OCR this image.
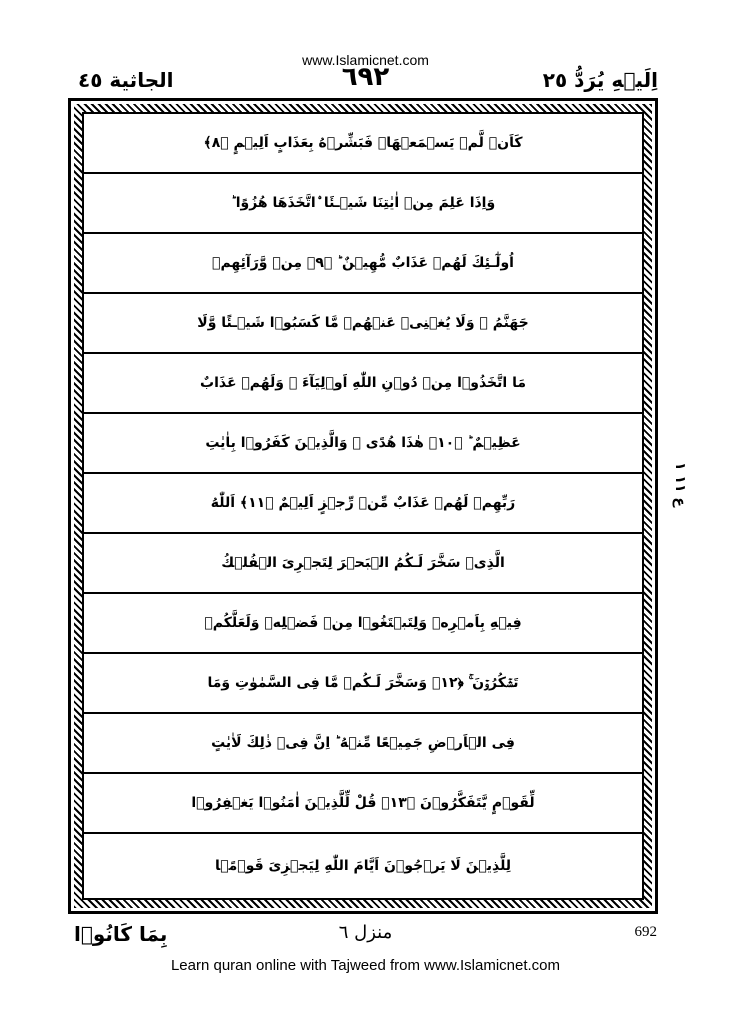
www.Islamicnet.com
الجاثية ٤٥	٦٩٢	اِلَيۡهِ يُرَدُّ ٢٥
كَاَنۡ لَّمۡ يَسۡمَعۡهَاۚ فَبَشِّرۡهُ بِعَذَابٍ اَلِيۡمٍ ﴿٨﴾
وَاِذَا عَلِمَ مِنۡ اٰيٰتِنَا شَيۡـئَا ۨاتَّخَذَهَا هُزُوًا ؕ
اُولٰٓـئِكَ لَهُمۡ عَذَابٌ مُّهِيۡنٌ ؕ ﴿٩﴾ مِنۡ وَّرَآئِهِمۡ
جَهَنَّمُ ۚ وَلَا يُغۡنِىۡ عَنۡهُمۡ مَّا كَسَبُوۡا شَيۡـئًا وَّلَا
مَا اتَّخَذُوۡا مِنۡ دُوۡنِ اللّٰهِ اَوۡلِيَآءَ ۚ وَلَهُمۡ عَذَابٌ
عَظِيۡمٌ ؕ ﴿١٠﴾ هٰذَا هُدًى ۚ وَالَّذِيۡنَ كَفَرُوۡا بِاٰيٰتِ
رَبِّهِمۡ لَهُمۡ عَذَابٌ مِّنۡ رِّجۡزٍ اَلِيۡمٌ ﴿١١﴾ اَللّٰهُ
الَّذِىۡ سَخَّرَ لَـكُمُ الۡبَحۡرَ لِتَجۡرِىَ الۡفُلۡكُ
فِيۡهِ بِاَمۡرِهٖ وَلِتَبۡتَغُوۡا مِنۡ فَضۡلِهٖ وَلَعَلَّكُمۡ
تَشۡكُرُوۡنَ ۚ ﴿١٢﴾ وَسَخَّرَ لَـكُمۡ مَّا فِى السَّمٰوٰتِ وَمَا
فِى الۡاَرۡضِ جَمِيۡعًا مِّنۡهُ ؕ اِنَّ فِىۡ ذٰلِكَ لَاٰيٰتٍ
لِّقَوۡمٍ يَّتَفَكَّرُوۡنَ ﴿١٣﴾ قُلْ لِّلَّذِيۡنَ اٰمَنُوۡا يَغۡفِرُوۡا
لِلَّذِيۡنَ لَا يَرۡجُوۡنَ اَيَّامَ اللّٰهِ لِيَجۡزِىَ قَوۡمًۢا
ع ١١ ١
بِمَا كَانُوۡا	منزل ٦	692
Learn quran online with Tajweed from www.Islamicnet.com
